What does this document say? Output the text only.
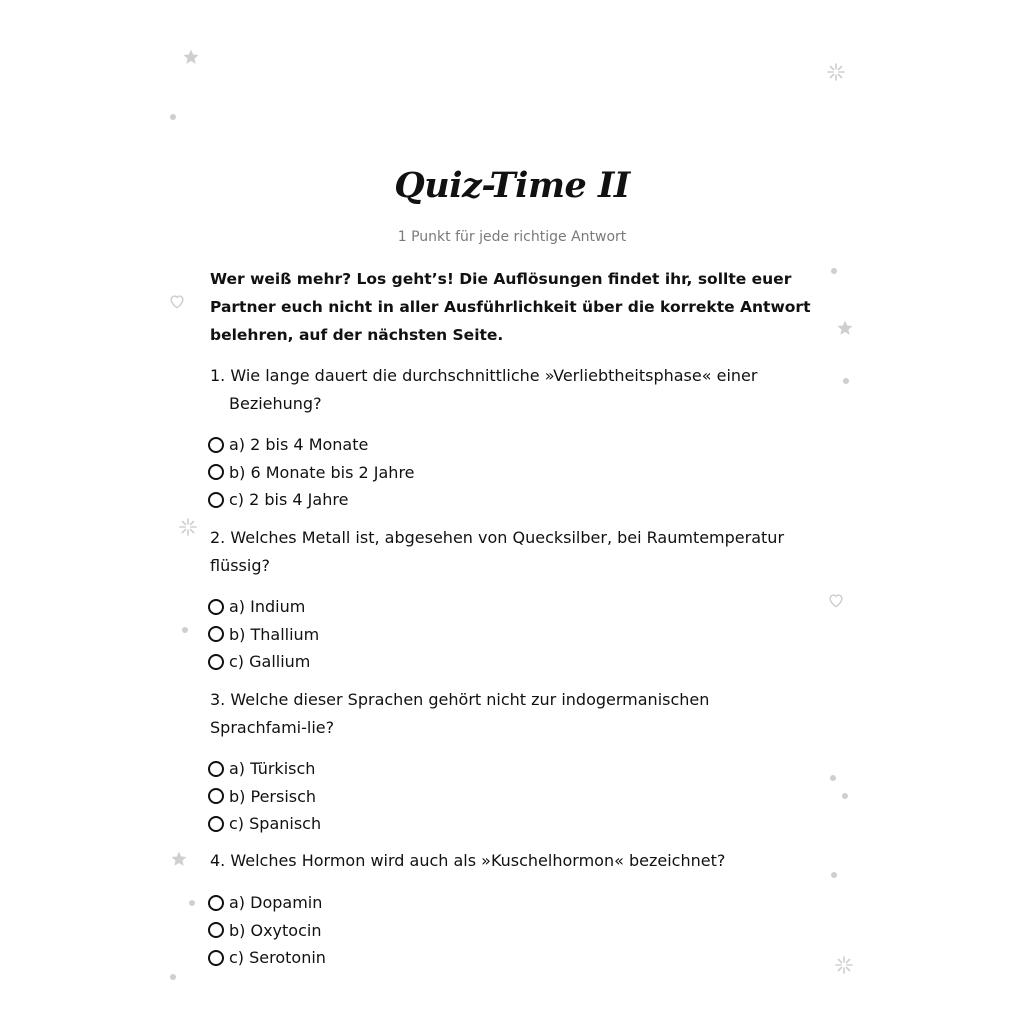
Quiz-Time II

1 Punkt für jede richtige Antwort

Wer weiß mehr? Los geht’s! Die Auflösungen findet ihr, sollte euer Partner euch nicht in aller Ausführlichkeit über die korrekte Antwort belehren, auf der nächsten Seite.

1. Wie lange dauert die durchschnittliche »Verliebtheitsphase« einer Beziehung?

a) 2 bis 4 Monate
b) 6 Monate bis 2 Jahre
c) 2 bis 4 Jahre

2. Welches Metall ist, abgesehen von Quecksilber, bei Raumtemperatur flüssig?

a) Indium
b) Thallium
c) Gallium

3. Welche dieser Sprachen gehört nicht zur indogermanischen Sprachfami-lie?

a) Türkisch
b) Persisch
c) Spanisch

4. Welches Hormon wird auch als »Kuschelhormon« bezeichnet?

a) Dopamin
b) Oxytocin
c) Serotonin
